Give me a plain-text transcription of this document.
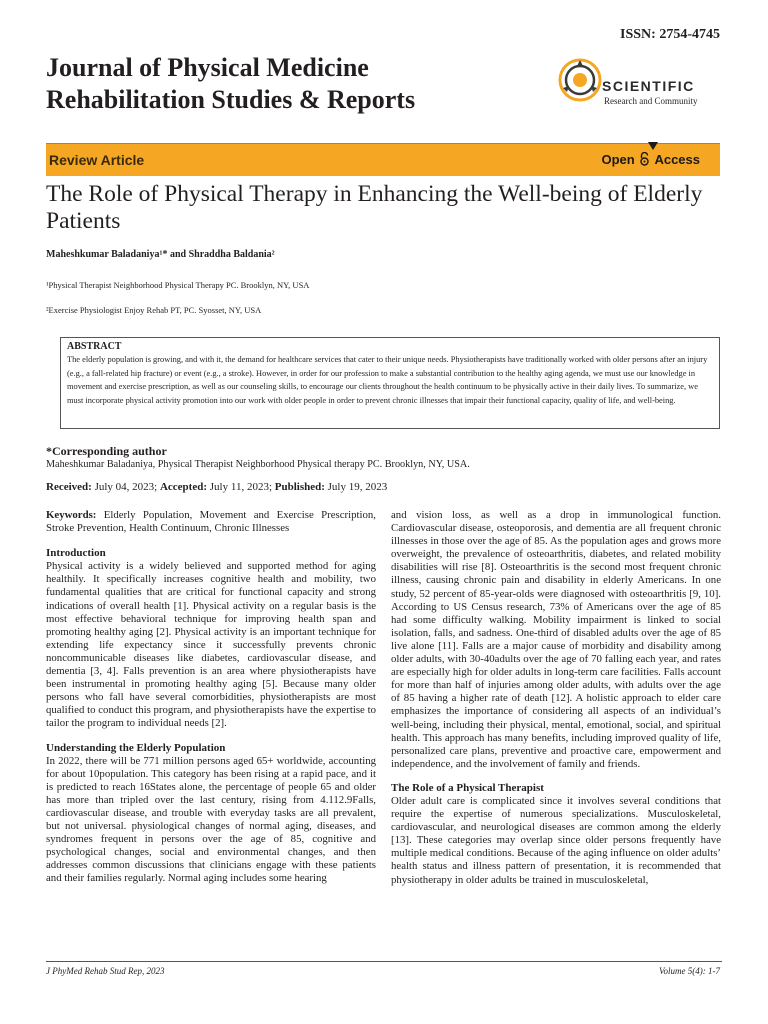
ISSN: 2754-4745
Journal of Physical Medicine
Rehabilitation Studies & Reports	SCIENTIFIC
Research and Community
Review Article	Open Access
The Role of Physical Therapy in Enhancing the Well-being of Elderly Patients
Maheshkumar Baladaniya¹* and Shraddha Baldania²
¹Physical Therapist Neighborhood Physical Therapy PC. Brooklyn, NY, USA
²Exercise Physiologist Enjoy Rehab PT, PC. Syosset, NY, USA
ABSTRACT
The elderly population is growing, and with it, the demand for healthcare services that cater to their unique needs. Physiotherapists have traditionally worked with older persons after an injury (e.g., a fall-related hip fracture) or event (e.g., a stroke). However, in order for our profession to make a substantial contribution to the healthy aging agenda, we must use our knowledge in movement and exercise prescription, as well as our counseling skills, to encourage our clients throughout the health continuum to be physically active in their daily lives. To summarize, we must incorporate physical activity promotion into our work with older people in order to prevent chronic illnesses that impair their functional capacity, quality of life, and well-being.
*Corresponding author
Maheshkumar Baladaniya, Physical Therapist Neighborhood Physical therapy PC. Brooklyn, NY, USA.
Received: July 04, 2023; Accepted: July 11, 2023; Published: July 19, 2023

Keywords: Elderly Population, Movement and Exercise Prescription, Stroke Prevention, Health Continuum, Chronic Illnesses

Introduction

Physical activity is a widely believed and supported method for aging healthily. It specifically increases cognitive health and mobility, two fundamental qualities that are critical for functional capacity and strong indications of overall health [1]. Physical activity on a regular basis is the most effective behavioral technique for improving health span and promoting healthy aging [2]. Physical activity is an important technique for extending life expectancy since it successfully prevents chronic noncommunicable diseases like diabetes, cardiovascular disease, and dementia [3, 4]. Falls prevention is an area where physiotherapists have been instrumental in promoting healthy aging [5]. Because many older persons who fall have several comorbidities, physiotherapists are most qualified to conduct this program, and physiotherapists have the expertise to tailor the program to individual needs [2].

Understanding the Elderly Population

In 2022, there will be 771 million persons aged 65+ worldwide, accounting for about 10population. This category has been rising at a rapid pace, and it is predicted to reach 16States alone, the percentage of people 65 and older has more than tripled over the last century, rising from 4.112.9Falls, cardiovascular disease, and trouble with everyday tasks are all prevalent, but not universal. physiological changes of normal aging, diseases, and syndromes frequent in persons over the age of 85, cognitive and psychological changes, social and environmental changes, and then addresses common discussions that clinicians engage with these patients and their families regularly. Normal aging includes some hearing

and vision loss, as well as a drop in immunological function. Cardiovascular disease, osteoporosis, and dementia are all frequent chronic illnesses in those over the age of 85. As the population ages and grows more overweight, the prevalence of osteoarthritis, diabetes, and related mobility disabilities will rise [8]. Osteoarthritis is the second most frequent chronic illness, causing chronic pain and disability in elderly Americans. In one study, 52 percent of 85-year-olds were diagnosed with osteoarthritis [9, 10]. According to US Census research, 73% of Americans over the age of 85 had some difficulty walking. Mobility impairment is linked to social isolation, falls, and sadness. One-third of disabled adults over the age of 85 live alone [11]. Falls are a major cause of morbidity and disability among older adults, with 30-40adults over the age of 70 falling each year, and rates are especially high for older adults in long-term care facilities. Falls account for more than half of injuries among older adults, with adults over the age of 85 having a higher rate of death [12]. A holistic approach to elder care emphasizes the importance of considering all aspects of an individual’s well-being, including their physical, mental, emotional, social, and spiritual health. This approach has many benefits, including improved quality of life, personalized care plans, preventive and proactive care, empowerment and independence, and the involvement of family and friends.

The Role of a Physical Therapist

Older adult care is complicated since it involves several conditions that require the expertise of numerous specializations. Musculoskeletal, cardiovascular, and neurological diseases are common among the elderly [13]. These categories may overlap since older persons frequently have multiple medical conditions. Because of the aging influence on older adults’ health status and illness pattern of presentation, it is recommended that physiotherapy in older adults be trained in musculoskeletal,

J PhyMed Rehab Stud Rep, 2023	Volume 5(4): 1-7
